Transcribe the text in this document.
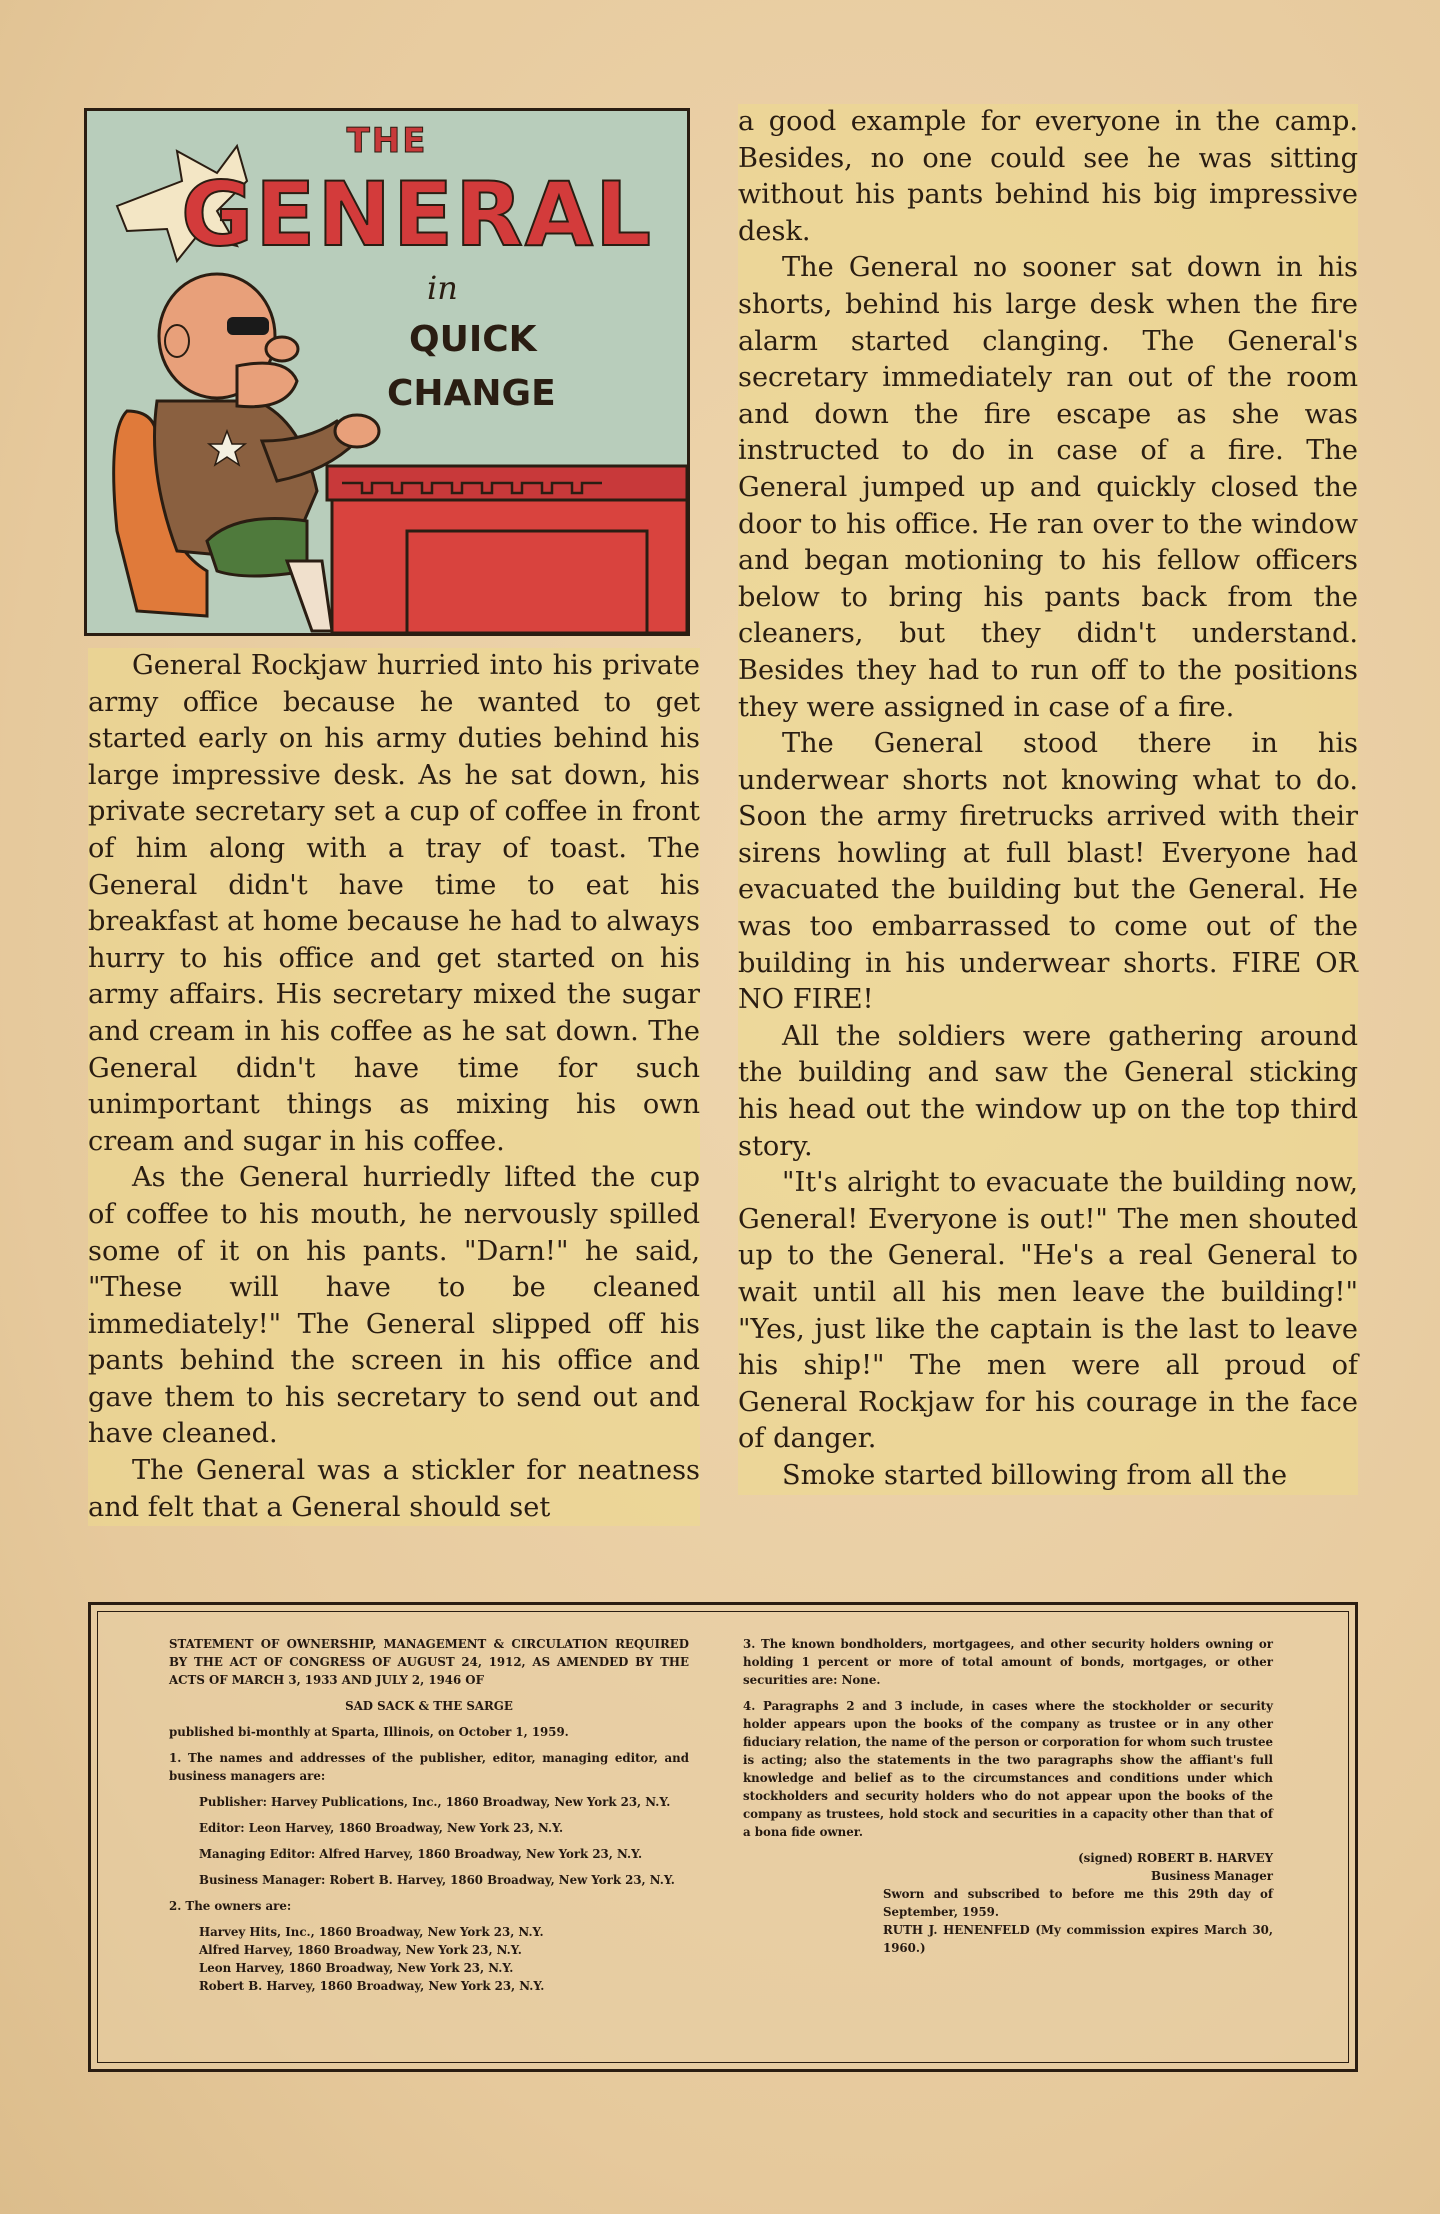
THE
GENERAL
in
QUICK
CHANGE

General Rockjaw hurried into his private army office because he wanted to get started early on his army duties behind his large impressive desk. As he sat down, his private secretary set a cup of coffee in front of him along with a tray of toast. The General didn't have time to eat his breakfast at home because he had to always hurry to his office and get started on his army affairs. His secretary mixed the sugar and cream in his coffee as he sat down. The General didn't have time for such unimportant things as mixing his own cream and sugar in his coffee.

As the General hurriedly lifted the cup of coffee to his mouth, he nervously spilled some of it on his pants. "Darn!" he said, "These will have to be cleaned immediately!" The General slipped off his pants behind the screen in his office and gave them to his secretary to send out and have cleaned.

The General was a stickler for neatness and felt that a General should set

a good example for everyone in the camp. Besides, no one could see he was sitting without his pants behind his big impressive desk.

The General no sooner sat down in his shorts, behind his large desk when the fire alarm started clanging. The General's secretary immediately ran out of the room and down the fire escape as she was instructed to do in case of a fire. The General jumped up and quickly closed the door to his office. He ran over to the window and began motioning to his fellow officers below to bring his pants back from the cleaners, but they didn't understand. Besides they had to run off to the positions they were assigned in case of a fire.

The General stood there in his underwear shorts not knowing what to do. Soon the army firetrucks arrived with their sirens howling at full blast! Everyone had evacuated the building but the General. He was too embarrassed to come out of the building in his underwear shorts. FIRE OR NO FIRE!

All the soldiers were gathering around the building and saw the General sticking his head out the window up on the top third story.

"It's alright to evacuate the building now, General! Everyone is out!" The men shouted up to the General. "He's a real General to wait until all his men leave the building!" "Yes, just like the captain is the last to leave his ship!" The men were all proud of General Rockjaw for his courage in the face of danger.

Smoke started billowing from all the

STATEMENT OF OWNERSHIP, MANAGEMENT & CIRCULATION REQUIRED BY THE ACT OF CONGRESS OF AUGUST 24, 1912, AS AMENDED BY THE ACTS OF MARCH 3, 1933 AND JULY 2, 1946 OF

SAD SACK & THE SARGE

published bi-monthly at Sparta, Illinois, on October 1, 1959.

1. The names and addresses of the publisher, editor, managing editor, and business managers are:

Publisher: Harvey Publications, Inc., 1860 Broadway, New York 23, N.Y.

Editor: Leon Harvey, 1860 Broadway, New York 23, N.Y.

Managing Editor: Alfred Harvey, 1860 Broadway, New York 23, N.Y.

Business Manager: Robert B. Harvey, 1860 Broadway, New York 23, N.Y.

2. The owners are:

Harvey Hits, Inc., 1860 Broadway, New York 23, N.Y.
Alfred Harvey, 1860 Broadway, New York 23, N.Y.
Leon Harvey, 1860 Broadway, New York 23, N.Y.
Robert B. Harvey, 1860 Broadway, New York 23, N.Y.

3. The known bondholders, mortgagees, and other security holders owning or holding 1 percent or more of total amount of bonds, mortgages, or other securities are: None.

4. Paragraphs 2 and 3 include, in cases where the stockholder or security holder appears upon the books of the company as trustee or in any other fiduciary relation, the name of the person or corporation for whom such trustee is acting; also the statements in the two paragraphs show the affiant's full knowledge and belief as to the circumstances and conditions under which stockholders and security holders who do not appear upon the books of the company as trustees, hold stock and securities in a capacity other than that of a bona fide owner.

(signed) ROBERT B. HARVEY

Business Manager

Sworn and subscribed to before me this 29th day of September, 1959.

RUTH J. HENENFELD (My commission expires March 30, 1960.)
